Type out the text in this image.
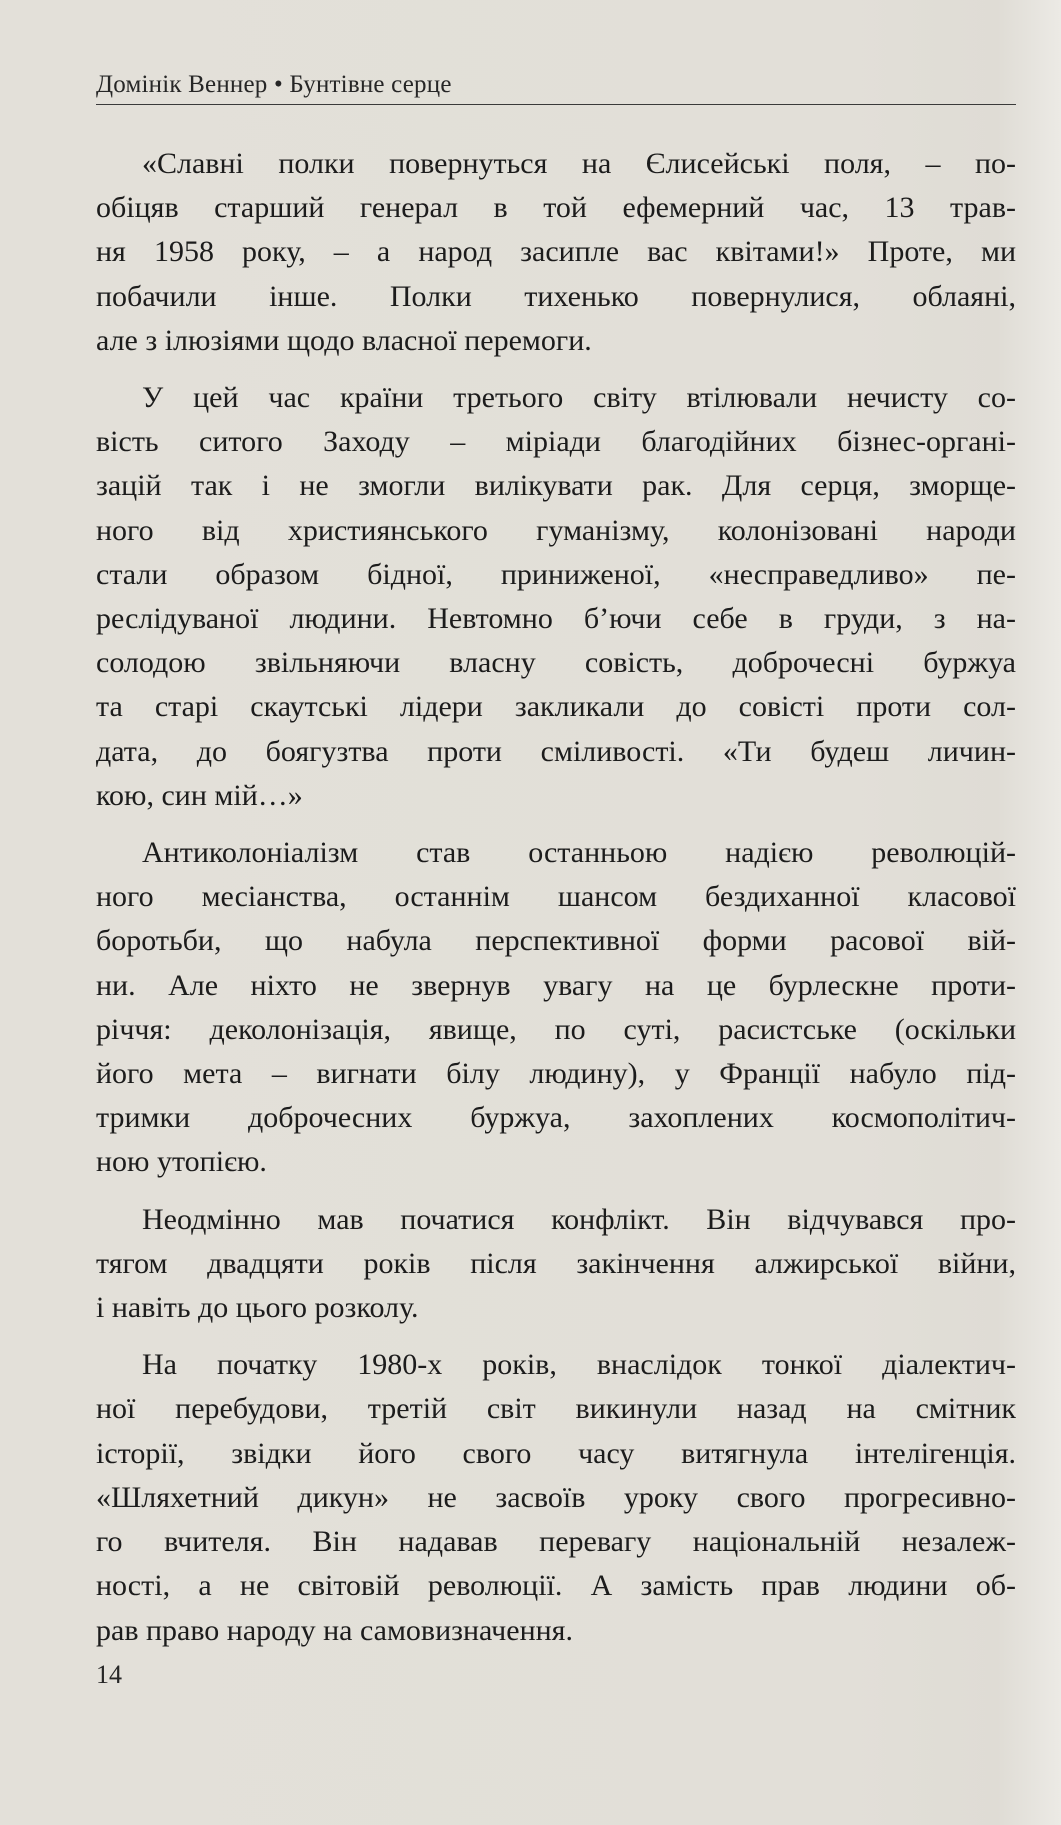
Домінік Веннер • Бунтівне серце

«Славні полки повернуться на Єлисейські поля, – по-
обіцяв старший генерал в той ефемерний час, 13 трав-
ня 1958 року, – а народ засипле вас квітами!» Проте, ми
побачили інше. Полки тихенько повернулися, облаяні,
але з ілюзіями щодо власної перемоги.

У цей час країни третього світу втілювали нечисту со-
вість ситого Заходу – міріади благодійних бізнес-органі-
зацій так і не змогли вилікувати рак. Для серця, зморще-
ного від християнського гуманізму, колонізовані народи
стали образом бідної, приниженої, «несправедливо» пе-
реслідуваної людини. Невтомно б’ючи себе в груди, з на-
солодою звільняючи власну совість, доброчесні буржуа
та старі скаутські лідери закликали до совісті проти сол-
дата, до боягузтва проти сміливості. «Ти будеш личин-
кою, син мій…»

Антиколоніалізм став останньою надією революцій-
ного месіанства, останнім шансом бездиханної класової
боротьби, що набула перспективної форми расової вій-
ни. Але ніхто не звернув увагу на це бурлескне проти-
річчя: деколонізація, явище, по суті, расистське (оскільки
його мета – вигнати білу людину), у Франції набуло під-
тримки доброчесних буржуа, захоплених космополітич-
ною утопією.

Неодмінно мав початися конфлікт. Він відчувався про-
тягом двадцяти років після закінчення алжирської війни,
і навіть до цього розколу.

На початку 1980-х років, внаслідок тонкої діалектич-
ної перебудови, третій світ викинули назад на смітник
історії, звідки його свого часу витягнула інтелігенція.
«Шляхетний дикун» не засвоїв уроку свого прогресивно-
го вчителя. Він надавав перевагу національній незалеж-
ності, а не світовій революції. А замість прав людини об-
рав право народу на самовизначення.

14
